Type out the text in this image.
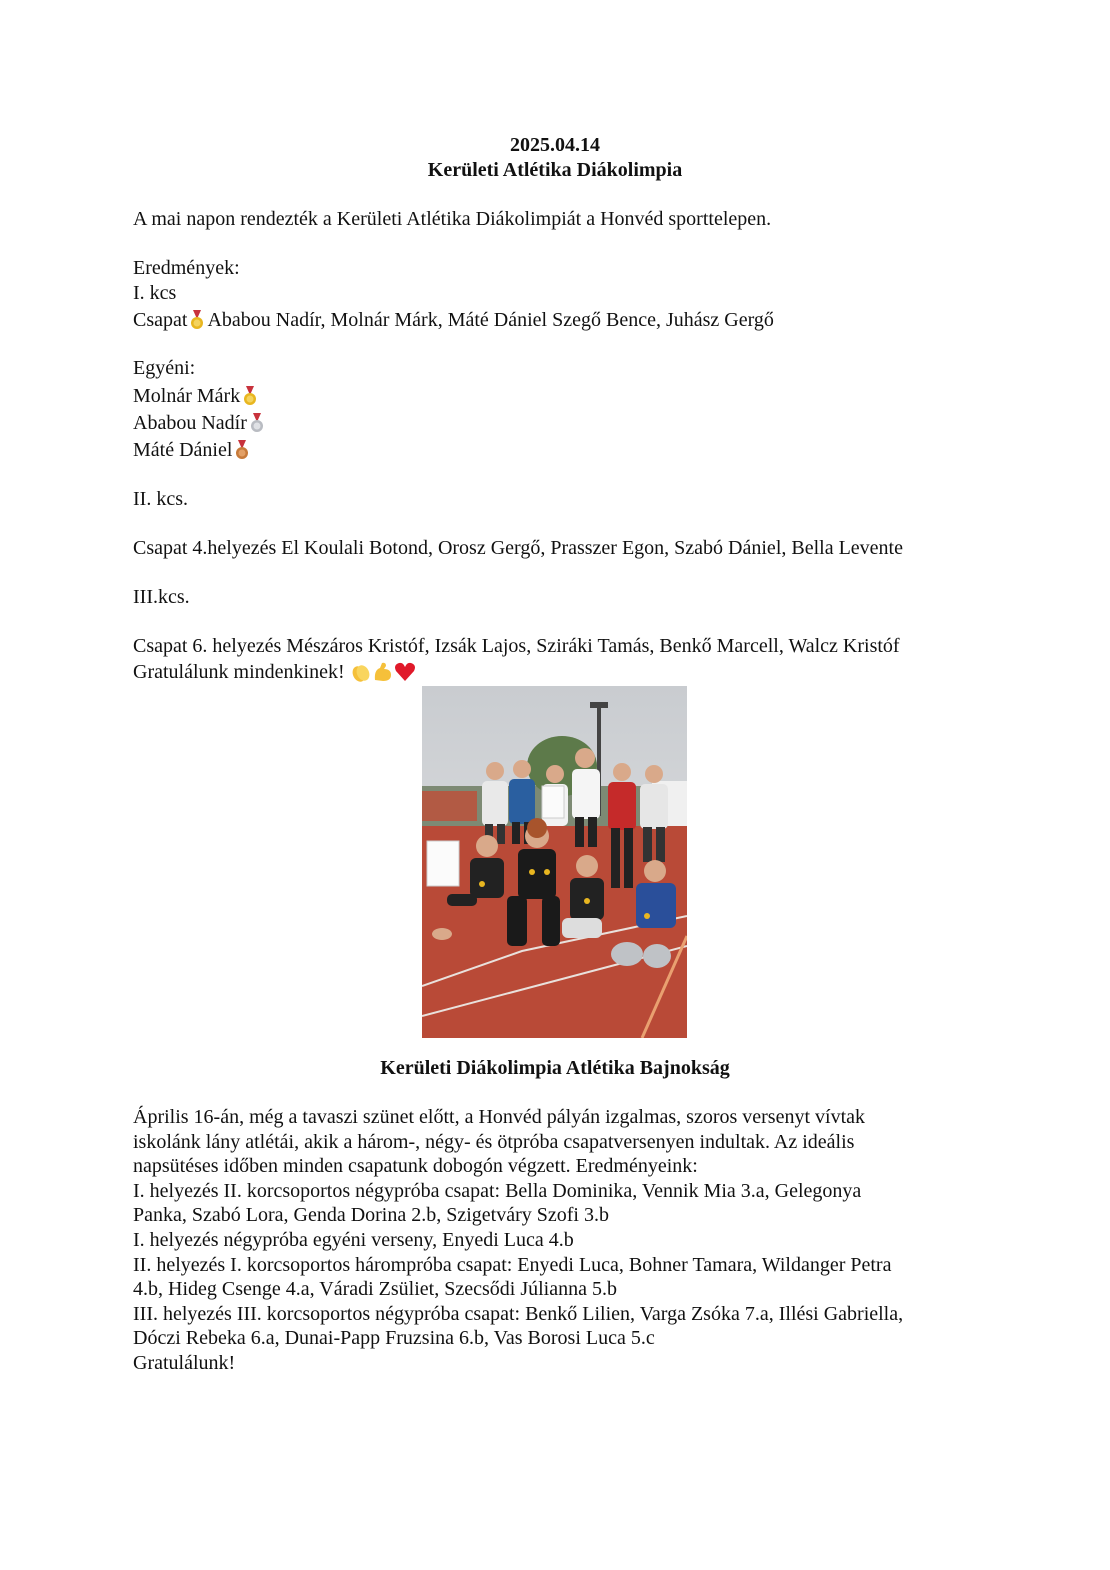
2025.04.14
Kerületi Atlétika Diákolimpia
A mai napon rendezték a Kerületi Atlétika Diákolimpiát a Honvéd sporttelepen.
Eredmények:
I. kcs
Csapat Ababou Nadír, Molnár Márk, Máté Dániel Szegő Bence, Juhász Gergő
Egyéni:
Molnár Márk
Ababou Nadír
Máté Dániel
II. kcs.
Csapat 4.helyezés El Koulali Botond, Orosz Gergő, Prasszer Egon, Szabó Dániel, Bella Levente
III.kcs.
Csapat 6. helyezés Mészáros Kristóf, Izsák Lajos, Sziráki Tamás, Benkő Marcell, Walcz Kristóf
Gratulálunk mindenkinek!
Kerületi Diákolimpia Atlétika Bajnokság
Április 16-án, még a tavaszi szünet előtt, a Honvéd pályán izgalmas, szoros versenyt vívtak
iskolánk lány atlétái, akik a három-, négy- és ötpróba csapatversenyen indultak. Az ideális
napsütéses időben minden csapatunk dobogón végzett. Eredményeink:
I. helyezés II. korcsoportos négypróba csapat: Bella Dominika, Vennik Mia 3.a, Gelegonya
Panka, Szabó Lora, Genda Dorina 2.b, Szigetváry Szofi 3.b
I. helyezés négypróba egyéni verseny, Enyedi Luca 4.b
II. helyezés I. korcsoportos hárompróba csapat: Enyedi Luca, Bohner Tamara, Wildanger Petra
4.b, Hideg Csenge 4.a, Váradi Zsüliet, Szecsődi Júlianna 5.b
III. helyezés III. korcsoportos négypróba csapat: Benkő Lilien, Varga Zsóka 7.a, Illési Gabriella,
Dóczi Rebeka 6.a, Dunai-Papp Fruzsina 6.b, Vas Borosi Luca 5.c
Gratulálunk!
